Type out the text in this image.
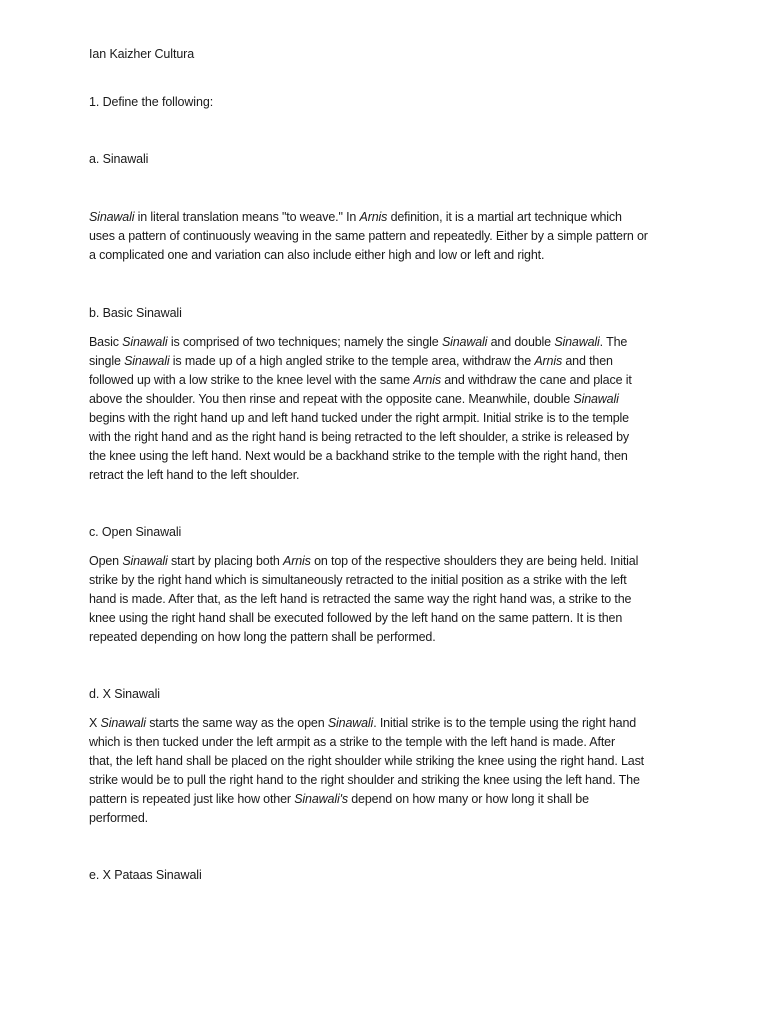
Ian Kaizher Cultura
1. Define the following:
a. Sinawali
Sinawali in literal translation means "to weave." In Arnis definition, it is a martial art technique which
uses a pattern of continuously weaving in the same pattern and repeatedly. Either by a simple pattern or
a complicated one and variation can also include either high and low or left and right.
b. Basic Sinawali
Basic Sinawali is comprised of two techniques; namely the single Sinawali and double Sinawali. The
single Sinawali is made up of a high angled strike to the temple area, withdraw the Arnis and then
followed up with a low strike to the knee level with the same Arnis and withdraw the cane and place it
above the shoulder. You then rinse and repeat with the opposite cane. Meanwhile, double Sinawali
begins with the right hand up and left hand tucked under the right armpit. Initial strike is to the temple
with the right hand and as the right hand is being retracted to the left shoulder, a strike is released by
the knee using the left hand. Next would be a backhand strike to the temple with the right hand, then
retract the left hand to the left shoulder.
c. Open Sinawali
Open Sinawali start by placing both Arnis on top of the respective shoulders they are being held. Initial
strike by the right hand which is simultaneously retracted to the initial position as a strike with the left
hand is made. After that, as the left hand is retracted the same way the right hand was, a strike to the
knee using the right hand shall be executed followed by the left hand on the same pattern. It is then
repeated depending on how long the pattern shall be performed.
d. X Sinawali
X Sinawali starts the same way as the open Sinawali. Initial strike is to the temple using the right hand
which is then tucked under the left armpit as a strike to the temple with the left hand is made. After
that, the left hand shall be placed on the right shoulder while striking the knee using the right hand. Last
strike would be to pull the right hand to the right shoulder and striking the knee using the left hand. The
pattern is repeated just like how other Sinawali's depend on how many or how long it shall be
performed.
e. X Pataas Sinawali
